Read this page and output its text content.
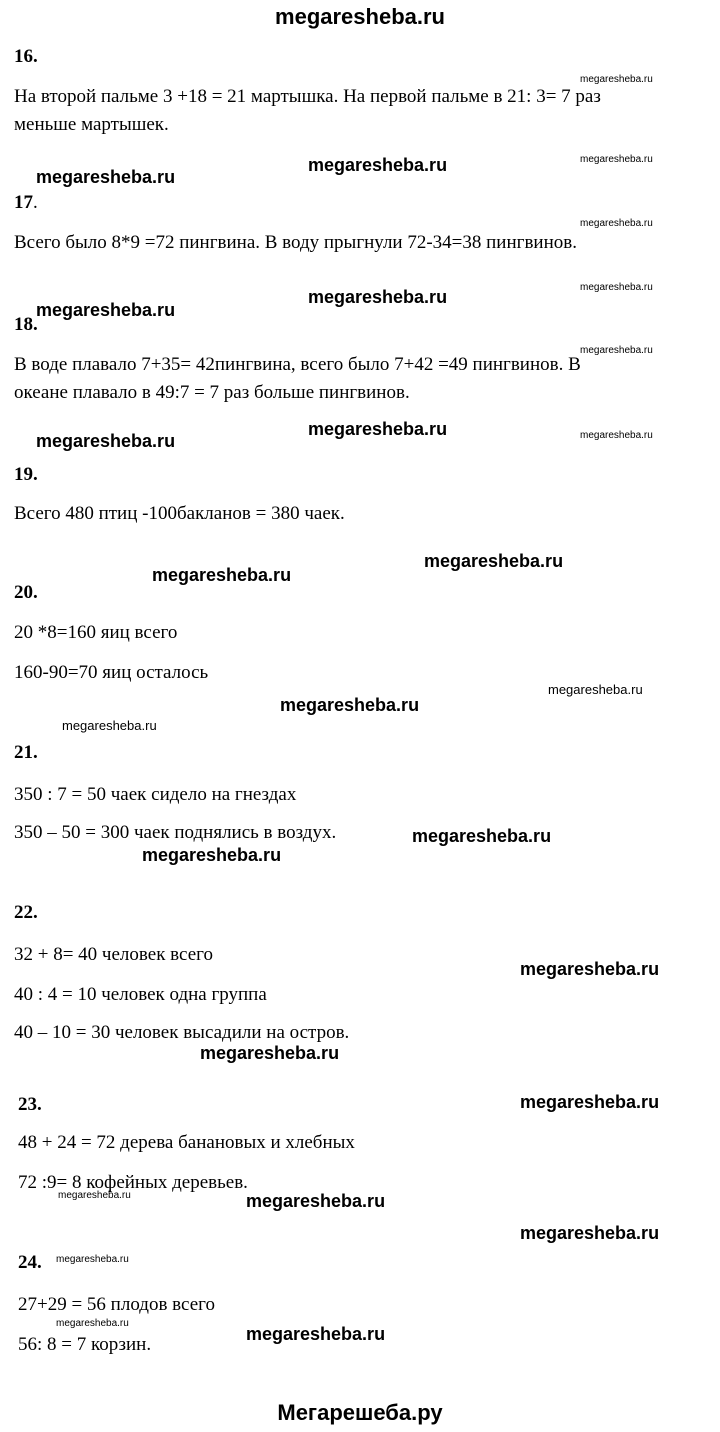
megaresheba.ru
16.
megaresheba.ru
На второй пальме 3 +18 = 21 мартышка. На первой пальме в 21: 3= 7 раз
меньше мартышек.
megaresheba.ru
megaresheba.ru
megaresheba.ru
17.
megaresheba.ru
Всего было 8*9 =72 пингвина. В воду прыгнули 72-34=38 пингвинов.
megaresheba.ru
megaresheba.ru
megaresheba.ru
18.
megaresheba.ru
В воде плавало 7+35= 42пингвина, всего было 7+42 =49 пингвинов. В
океане плавало в 49:7 = 7 раз больше пингвинов.
megaresheba.ru	megaresheba.ru
megaresheba.ru
19.
Всего 480 птиц -100бакланов = 380 чаек.
megaresheba.ru
megaresheba.ru
20.
20 *8=160 яиц всего
160-90=70 яиц осталось
megaresheba.ru
megaresheba.ru
megaresheba.ru
21.
350 : 7 = 50 чаек сидело на гнездах
350 – 50 = 300 чаек поднялись в воздух.	megaresheba.ru
megaresheba.ru
22.
32 + 8= 40 человек всего
megaresheba.ru
40 : 4 = 10 человек одна группа
40 – 10 = 30 человек высадили на остров.
megaresheba.ru
23.	megaresheba.ru
48 + 24 = 72 дерева банановых и хлебных
72 :9= 8 кофейных деревьев.
megaresheba.ru	megaresheba.ru
megaresheba.ru
24. megaresheba.ru
27+29 = 56 плодов всего
megaresheba.ru
megaresheba.ru
56: 8 = 7 корзин.
Мегарешеба.ру
